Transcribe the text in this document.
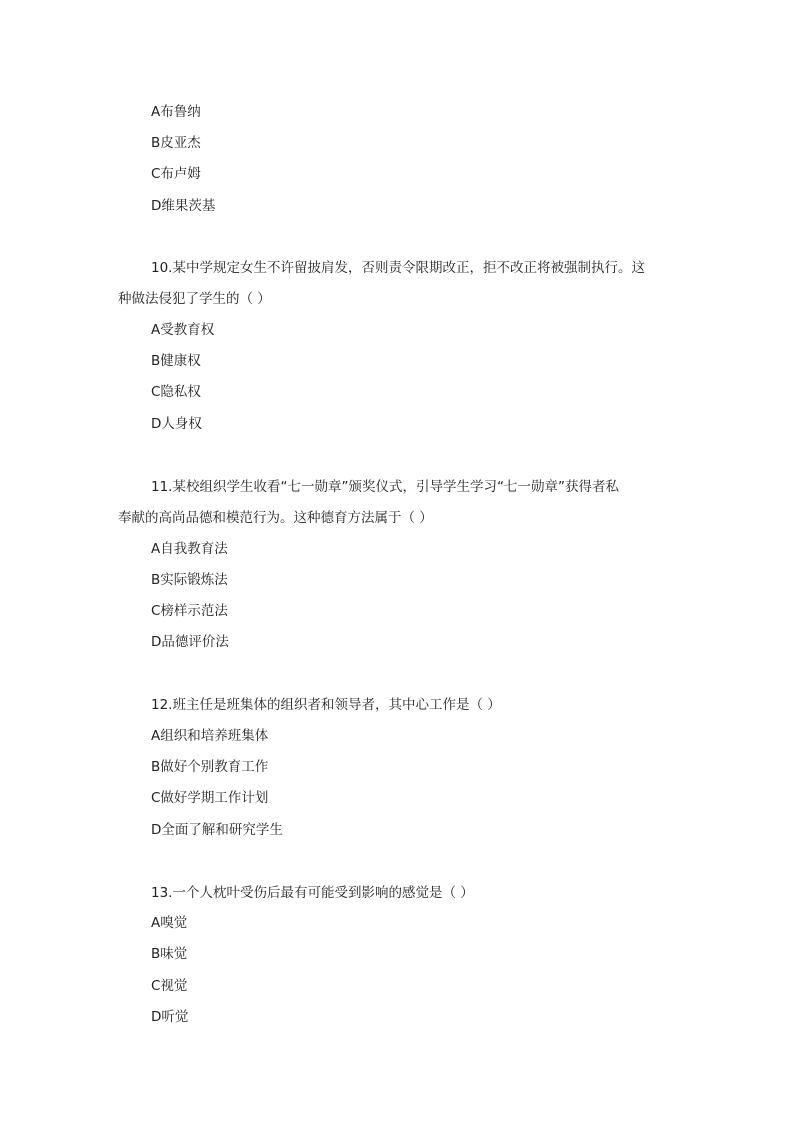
A布鲁纳
B皮亚杰
C布卢姆
D维果茨基
10.某中学规定女生不许留披肩发，否则责令限期改正，拒不改正将被强制执行。这
种做法侵犯了学生的（ ）
A受教育权
B健康权
C隐私权
D人身权
11.某校组织学生收看“七一勋章”颁奖仪式，引导学生学习“七一勋章”获得者私
奉献的高尚品德和模范行为。这种德育方法属于（ ）
A自我教育法
B实际锻炼法
C榜样示范法
D品德评价法
12.班主任是班集体的组织者和领导者，其中心工作是（ ）
A组织和培养班集体
B做好个别教育工作
C做好学期工作计划
D全面了解和研究学生
13.一个人枕叶受伤后最有可能受到影响的感觉是（ ）
A嗅觉
B味觉
C视觉
D听觉
